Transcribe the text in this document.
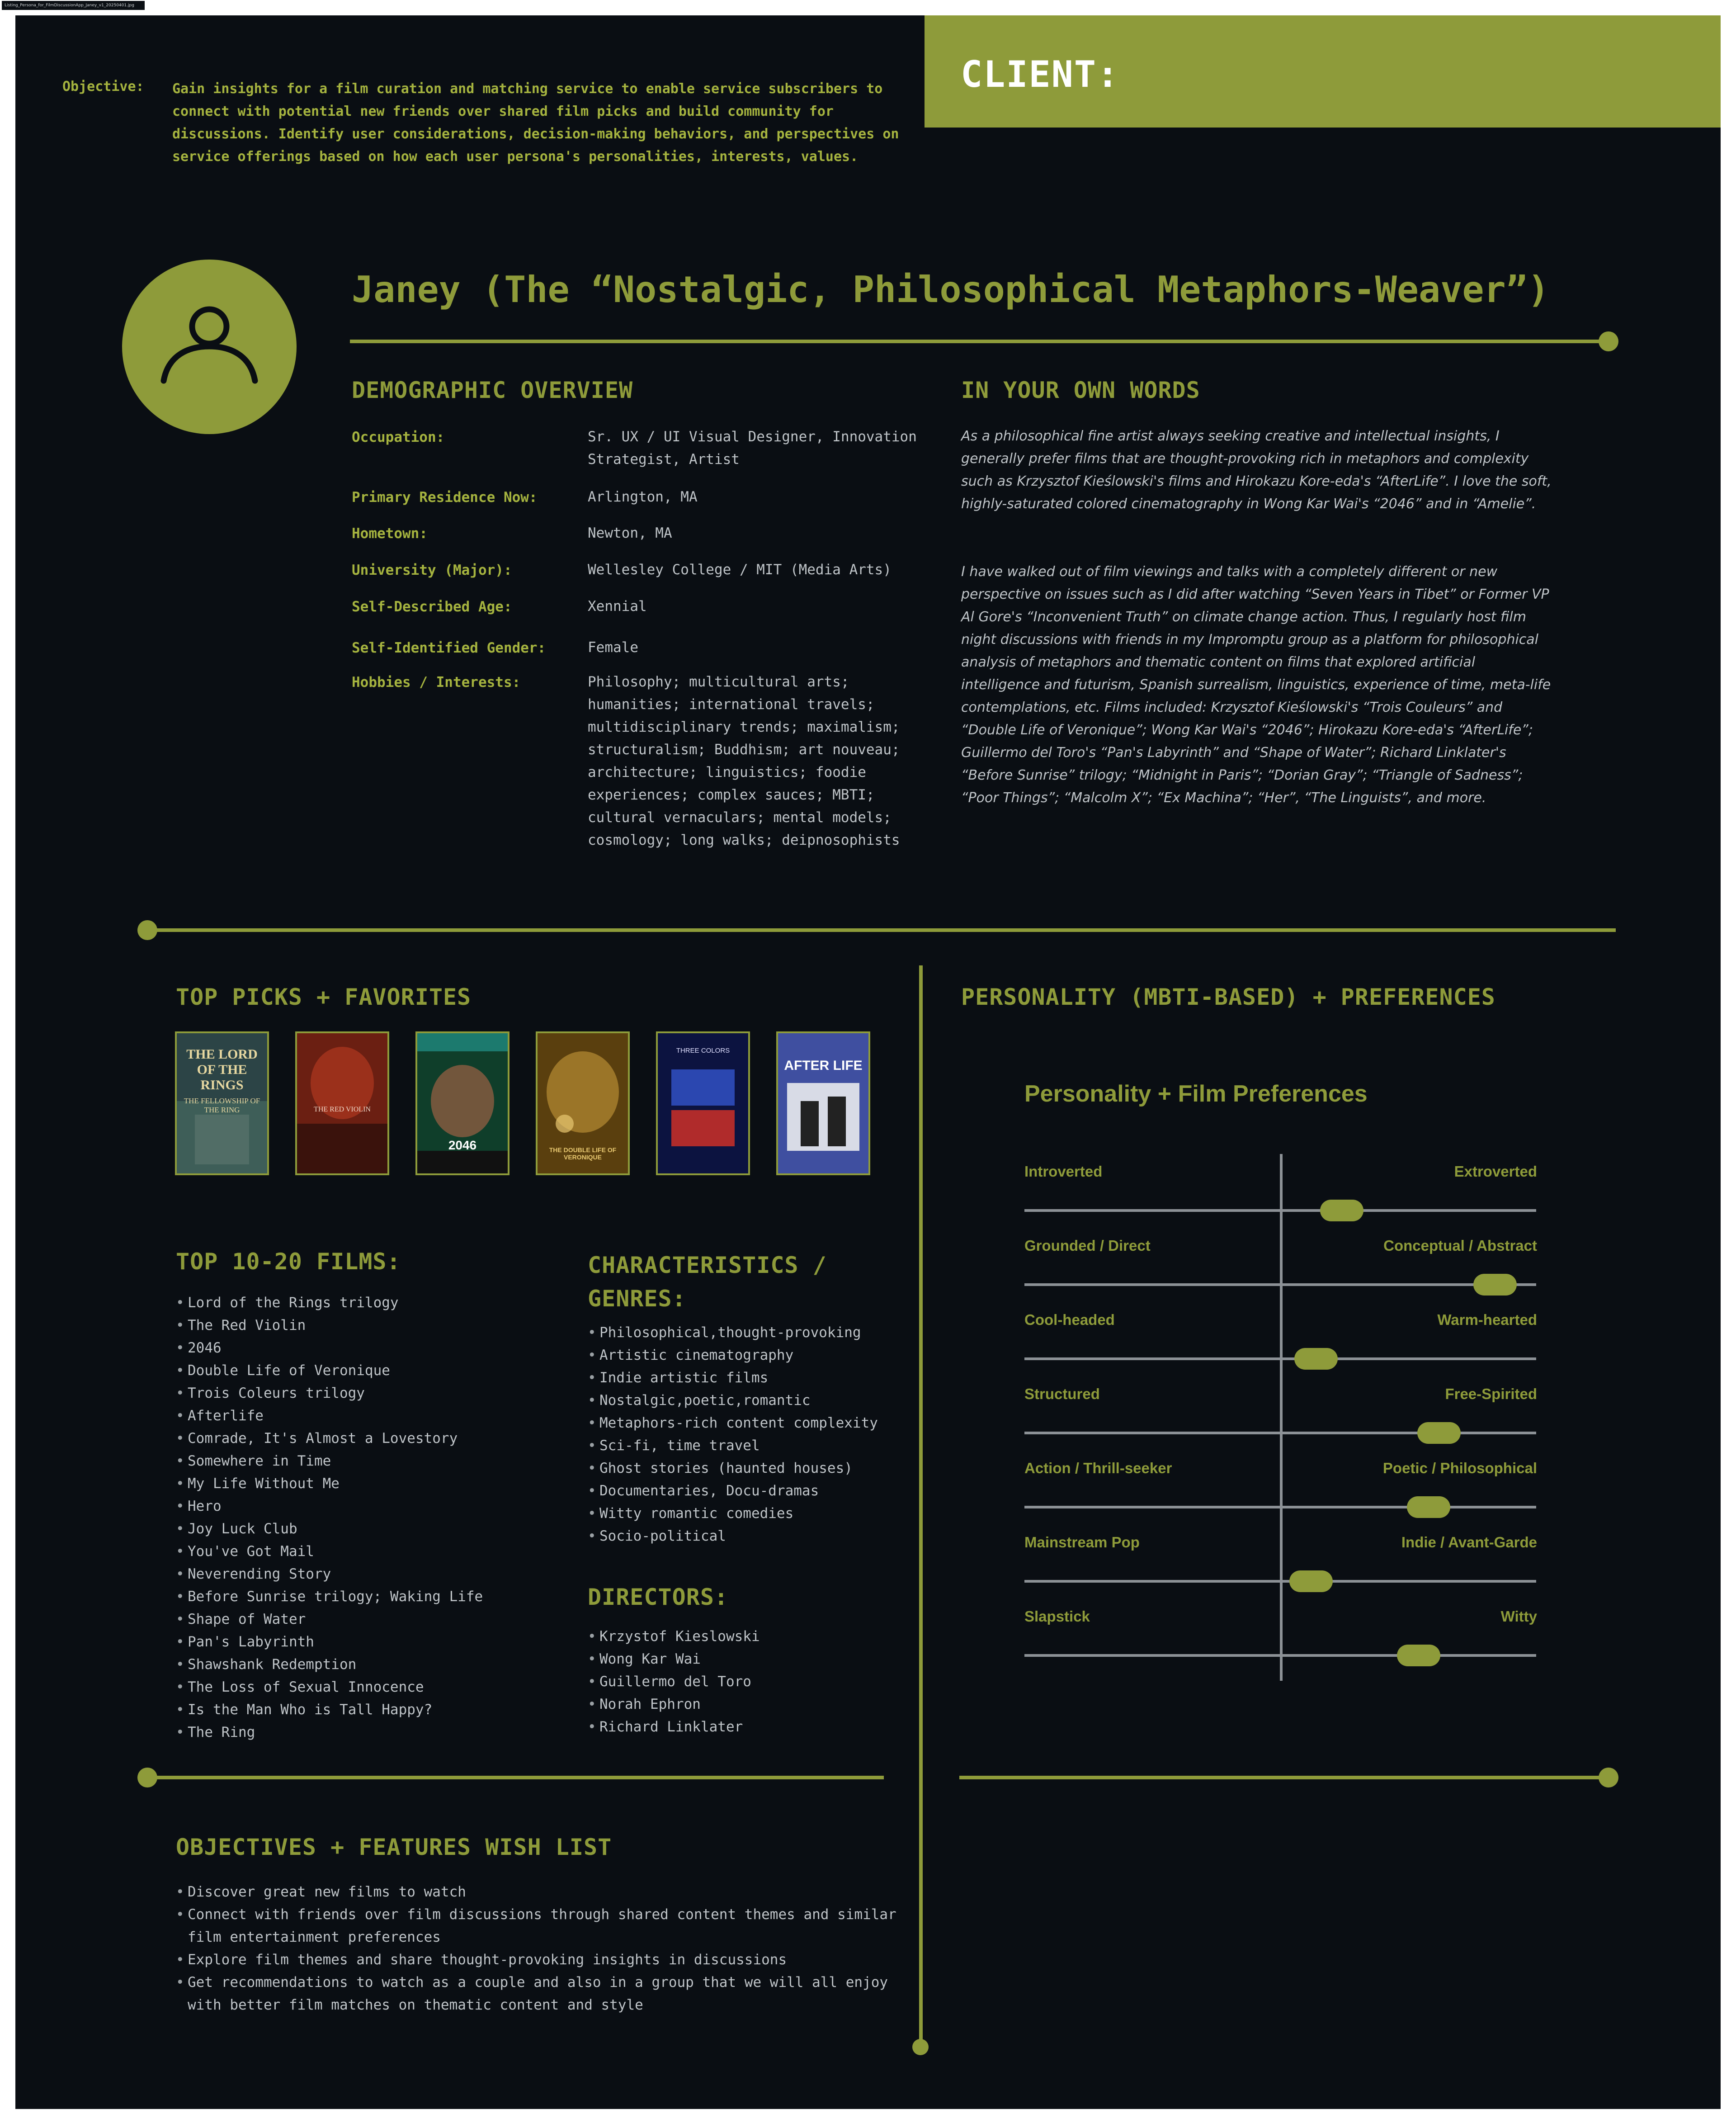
Listing_Persona_for_FilmDiscussionApp_Janey_v1_20250401.jpg
CLIENT:
Objective: Gain insights for a film curation and matching service to enable service subscribers to connect with potential new friends over shared film picks and build community for discussions. Identify user considerations, decision-making behaviors, and perspectives on service offerings based on how each user persona's personalities, interests, values.
Janey (The “Nostalgic, Philosophical Metaphors-Weaver”)
DEMOGRAPHIC OVERVIEW
Occupation:	Sr. UX / UI Visual Designer, Innovation Strategist, Artist
Primary Residence Now:	Arlington, MA
Hometown:	Newton, MA
University (Major):	Wellesley College / MIT (Media Arts)
Self-Described Age:	Xennial
Self-Identified Gender:	Female
Hobbies / Interests:	Philosophy; multicultural arts; humanities; international travels; multidisciplinary trends; maximalism; structuralism; Buddhism; art nouveau; architecture; linguistics; foodie experiences; complex sauces; MBTI; cultural vernaculars; mental models; cosmology; long walks; deipnosophists
IN YOUR OWN WORDS
As a philosophical fine artist always seeking creative and intellectual insights, I generally prefer films that are thought-provoking rich in metaphors and complexity such as Krzysztof Kieślowski's films and Hirokazu Kore-eda's “AfterLife”. I love the soft, highly-saturated colored cinematography in Wong Kar Wai's “2046” and in “Amelie”.
I have walked out of film viewings and talks with a completely different or new perspective on issues such as I did after watching “Seven Years in Tibet” or Former VP Al Gore's “Inconvenient Truth” on climate change action. Thus, I regularly host film night discussions with friends in my Impromptu group as a platform for philosophical analysis of metaphors and thematic content on films that explored artificial intelligence and futurism, Spanish surrealism, linguistics, experience of time, meta-life contemplations, etc. Films included: Krzysztof Kieślowski's “Trois Couleurs” and “Double Life of Veronique”; Wong Kar Wai's “2046”; Hirokazu Kore-eda's “AfterLife”; Guillermo del Toro's “Pan's Labyrinth” and “Shape of Water”; Richard Linklater's “Before Sunrise” trilogy; “Midnight in Paris”; “Dorian Gray”; “Triangle of Sadness”; “Poor Things”; “Malcolm X”; “Ex Machina”; “Her”, “The Linguists”, and more.
TOP PICKS + FAVORITES
THE LORD OF THE RINGS
THE FELLOWSHIP OF THE RING	THE RED VIOLIN
2046	THE DOUBLE LIFE OF VERONIQUE
THREE COLORS
AFTER LIFE
TOP 10-20 FILMS:
• Lord of the Rings trilogy
• The Red Violin
• 2046
• Double Life of Veronique
• Trois Coleurs trilogy
• Afterlife
• Comrade, It's Almost a Lovestory
• Somewhere in Time
• My Life Without Me
• Hero
• Joy Luck Club
• You've Got Mail
• Neverending Story
• Before Sunrise trilogy; Waking Life
• Shape of Water
• Pan's Labyrinth
• Shawshank Redemption
• The Loss of Sexual Innocence
• Is the Man Who is Tall Happy?
• The Ring
CHARACTERISTICS / GENRES:
• Philosophical,thought-provoking
• Artistic cinematography
• Indie artistic films
• Nostalgic,poetic,romantic
• Metaphors-rich content complexity
• Sci-fi, time travel
• Ghost stories (haunted houses)
• Documentaries, Docu-dramas
• Witty romantic comedies
• Socio-political
DIRECTORS:
• Krzystof Kieslowski
• Wong Kar Wai
• Guillermo del Toro
• Norah Ephron
• Richard Linklater
OBJECTIVES + FEATURES WISH LIST
• Discover great new films to watch
• Connect with friends over film discussions through shared content themes and similar film entertainment preferences
• Explore film themes and share thought-provoking insights in discussions
• Get recommendations to watch as a couple and also in a group that we will all enjoy with better film matches on thematic content and style
PERSONALITY (MBTI-BASED) + PREFERENCES
Personality + Film Preferences
Introverted	Extroverted
Grounded / Direct	Conceptual / Abstract
Cool-headed	Warm-hearted
Structured	Free-Spirited
Action / Thrill-seeker	Poetic / Philosophical
Mainstream Pop	Indie / Avant-Garde
Slapstick	Witty
